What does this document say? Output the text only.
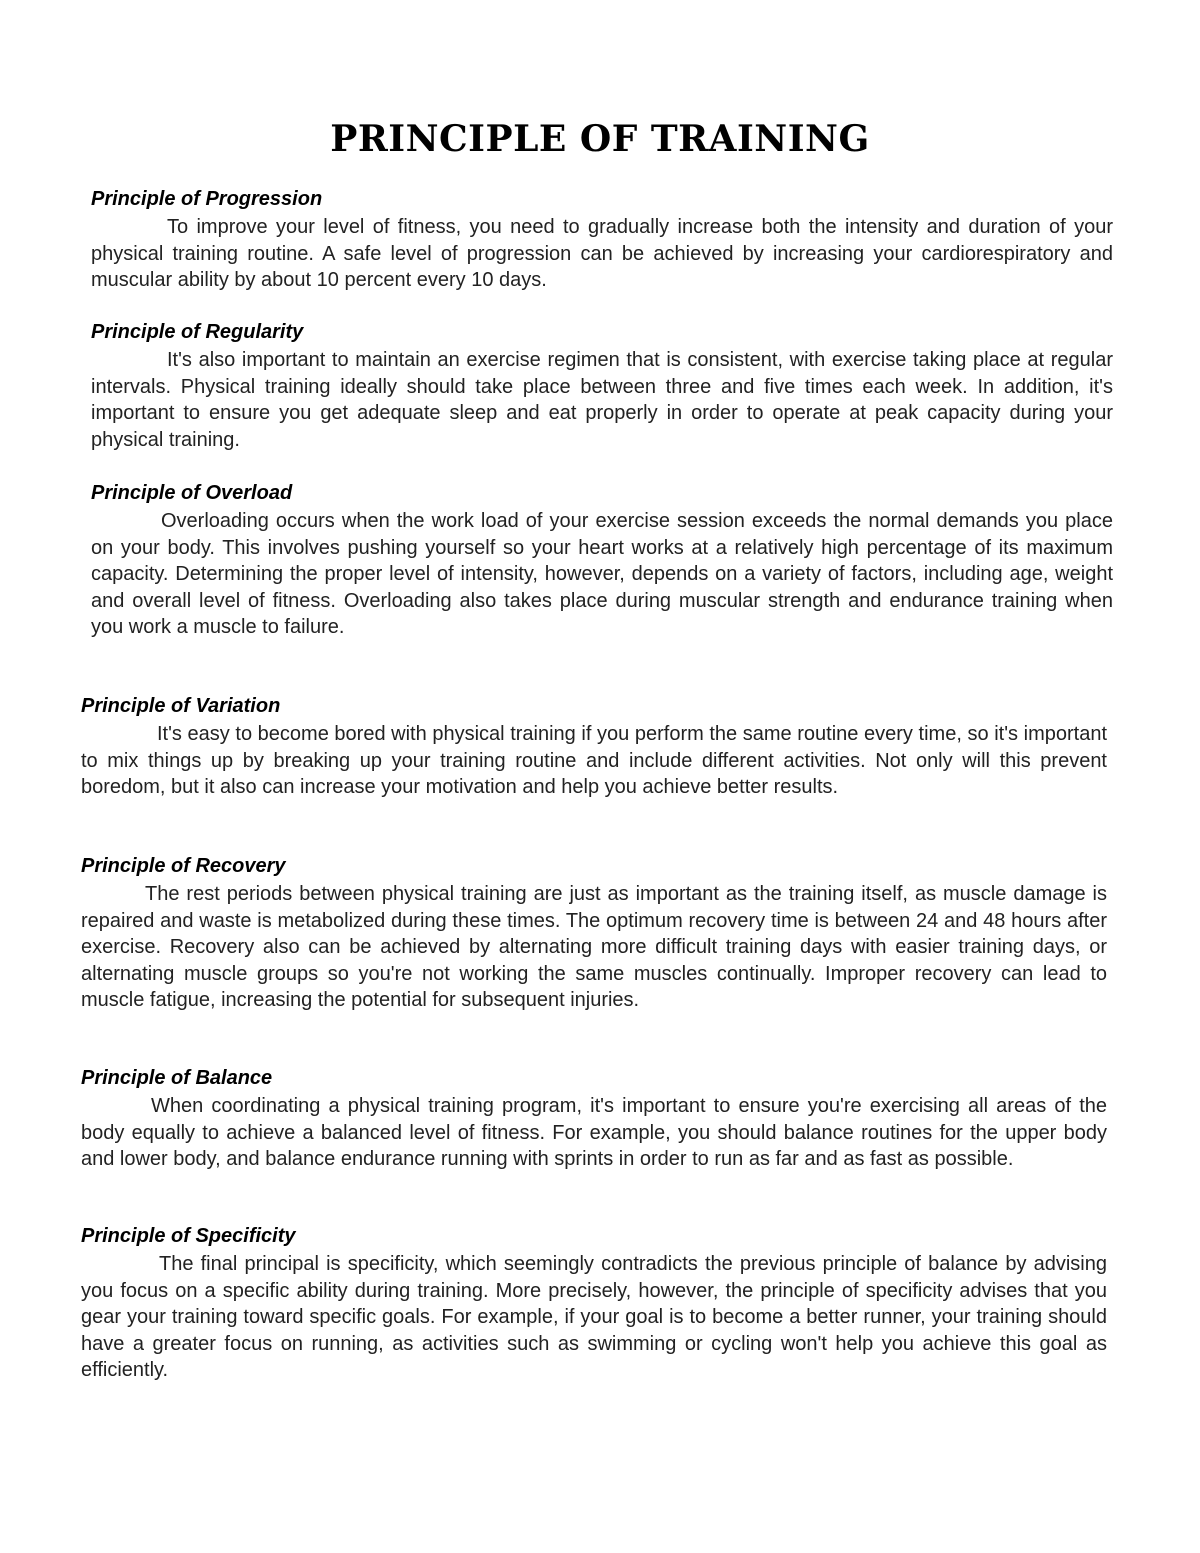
PRINCIPLE OF TRAINING
Principle of Progression

To improve your level of fitness, you need to gradually increase both the intensity and duration of your physical training routine. A safe level of progression can be achieved by increasing your cardiorespiratory and muscular ability by about 10 percent every 10 days.

Principle of Regularity

It's also important to maintain an exercise regimen that is consistent, with exercise taking place at regular intervals. Physical training ideally should take place between three and five times each week. In addition, it's important to ensure you get adequate sleep and eat properly in order to operate at peak capacity during your physical training.

Principle of Overload

Overloading occurs when the work load of your exercise session exceeds the normal demands you place on your body. This involves pushing yourself so your heart works at a relatively high percentage of its maximum capacity. Determining the proper level of intensity, however, depends on a variety of factors, including age, weight and overall level of fitness. Overloading also takes place during muscular strength and endurance training when you work a muscle to failure.

Principle of Variation

It's easy to become bored with physical training if you perform the same routine every time, so it's important to mix things up by breaking up your training routine and include different activities. Not only will this prevent boredom, but it also can increase your motivation and help you achieve better results.

Principle of Recovery

The rest periods between physical training are just as important as the training itself, as muscle damage is repaired and waste is metabolized during these times. The optimum recovery time is between 24 and 48 hours after exercise. Recovery also can be achieved by alternating more difficult training days with easier training days, or alternating muscle groups so you're not working the same muscles continually. Improper recovery can lead to muscle fatigue, increasing the potential for subsequent injuries.

Principle of Balance

When coordinating a physical training program, it's important to ensure you're exercising all areas of the body equally to achieve a balanced level of fitness. For example, you should balance routines for the upper body and lower body, and balance endurance running with sprints in order to run as far and as fast as possible.

Principle of Specificity

The final principal is specificity, which seemingly contradicts the previous principle of balance by advising you focus on a specific ability during training. More precisely, however, the principle of specificity advises that you gear your training toward specific goals. For example, if your goal is to become a better runner, your training should have a greater focus on running, as activities such as swimming or cycling won't help you achieve this goal as efficiently.
